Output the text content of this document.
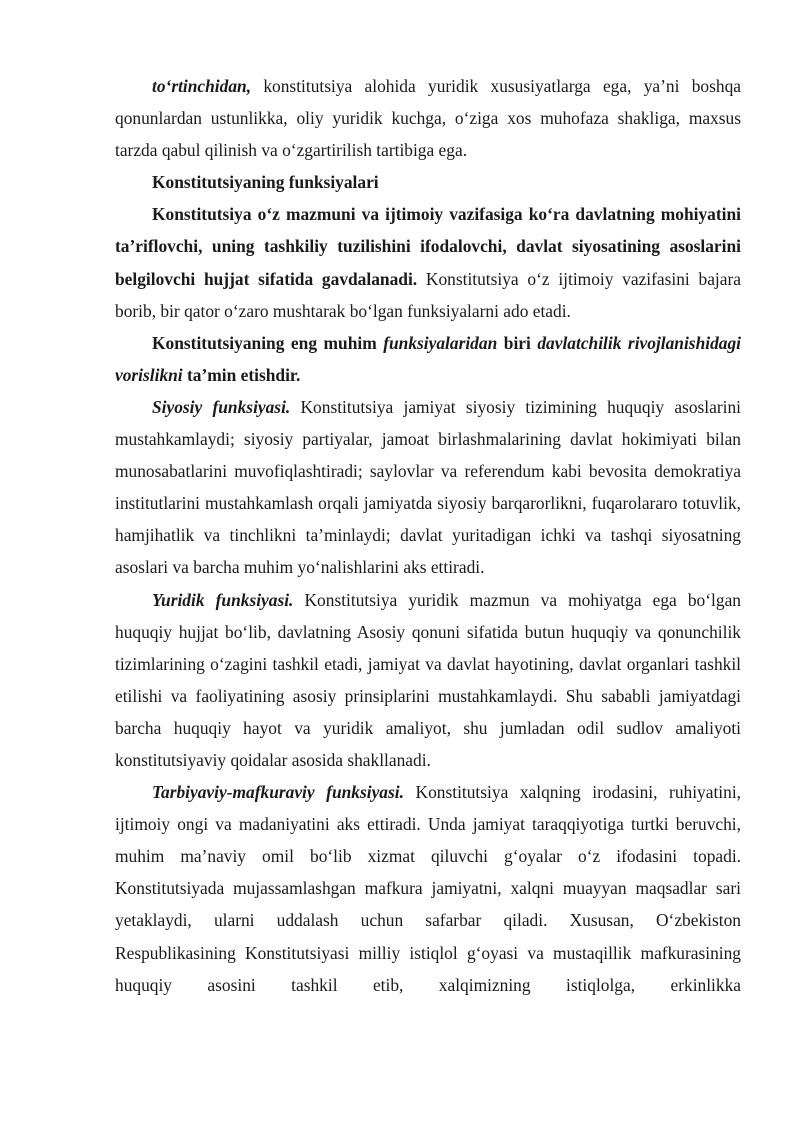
to‘rtinchidan, konstitutsiya alohida yuridik xususiyatlarga ega, ya’ni boshqa qonunlardan ustunlikka, oliy yuridik kuchga, o‘ziga xos muhofaza shakliga, maxsus tarzda qabul qilinish va o‘zgartirilish tartibiga ega.

Konstitutsiyaning funksiyalari

Konstitutsiya o‘z mazmuni va ijtimoiy vazifasiga ko‘ra davlatning mohiyatini ta’riflovchi, uning tashkiliy tuzilishini ifodalovchi, davlat siyosatining asoslarini belgilovchi hujjat sifatida gavdalanadi. Konstitutsiya o‘z ijtimoiy vazifasini bajara borib, bir qator o‘zaro mushtarak bo‘lgan funksiyalarni ado etadi.

Konstitutsiyaning eng muhim funksiyalaridan biri davlatchilik rivojlanishidagi vorislikni ta’min etishdir.

Siyosiy funksiyasi. Konstitutsiya jamiyat siyosiy tizimining huquqiy asoslarini mustahkamlaydi; siyosiy partiyalar, jamoat birlashmalarining davlat hokimiyati bilan munosabatlarini muvofiqlashtiradi; saylovlar va referendum kabi bevosita demokratiya institutlarini mustahkamlash orqali jamiyatda siyosiy barqarorlikni, fuqarolararo totuvlik, hamjihatlik va tinchlikni ta’minlaydi; davlat yuritadigan ichki va tashqi siyosatning asoslari va barcha muhim yo‘nalishlarini aks ettiradi.

Yuridik funksiyasi. Konstitutsiya yuridik mazmun va mohiyatga ega bo‘lgan huquqiy hujjat bo‘lib, davlatning Asosiy qonuni sifatida butun huquqiy va qonunchilik tizimlarining o‘zagini tashkil etadi, jamiyat va davlat hayotining, davlat organlari tashkil etilishi va faoliyatining asosiy prinsiplarini mustahkamlaydi. Shu sababli jamiyatdagi barcha huquqiy hayot va yuridik amaliyot, shu jumladan odil sudlov amaliyoti konstitutsiyaviy qoidalar asosida shakllanadi.

Tarbiyaviy-mafkuraviy funksiyasi. Konstitutsiya xalqning irodasini, ruhiyatini, ijtimoiy ongi va madaniyatini aks ettiradi. Unda jamiyat taraqqiyotiga turtki beruvchi, muhim ma’naviy omil bo‘lib xizmat qiluvchi g‘oyalar o‘z ifodasini topadi. Konstitutsiyada mujassamlashgan mafkura jamiyatni, xalqni muayyan maqsadlar sari yetaklaydi, ularni uddalash uchun safarbar qiladi. Xususan, O‘zbekiston Respublikasining Konstitutsiyasi milliy istiqlol g‘oyasi va mustaqillik mafkurasining huquqiy asosini tashkil etib, xalqimizning istiqlolga, erkinlikka
